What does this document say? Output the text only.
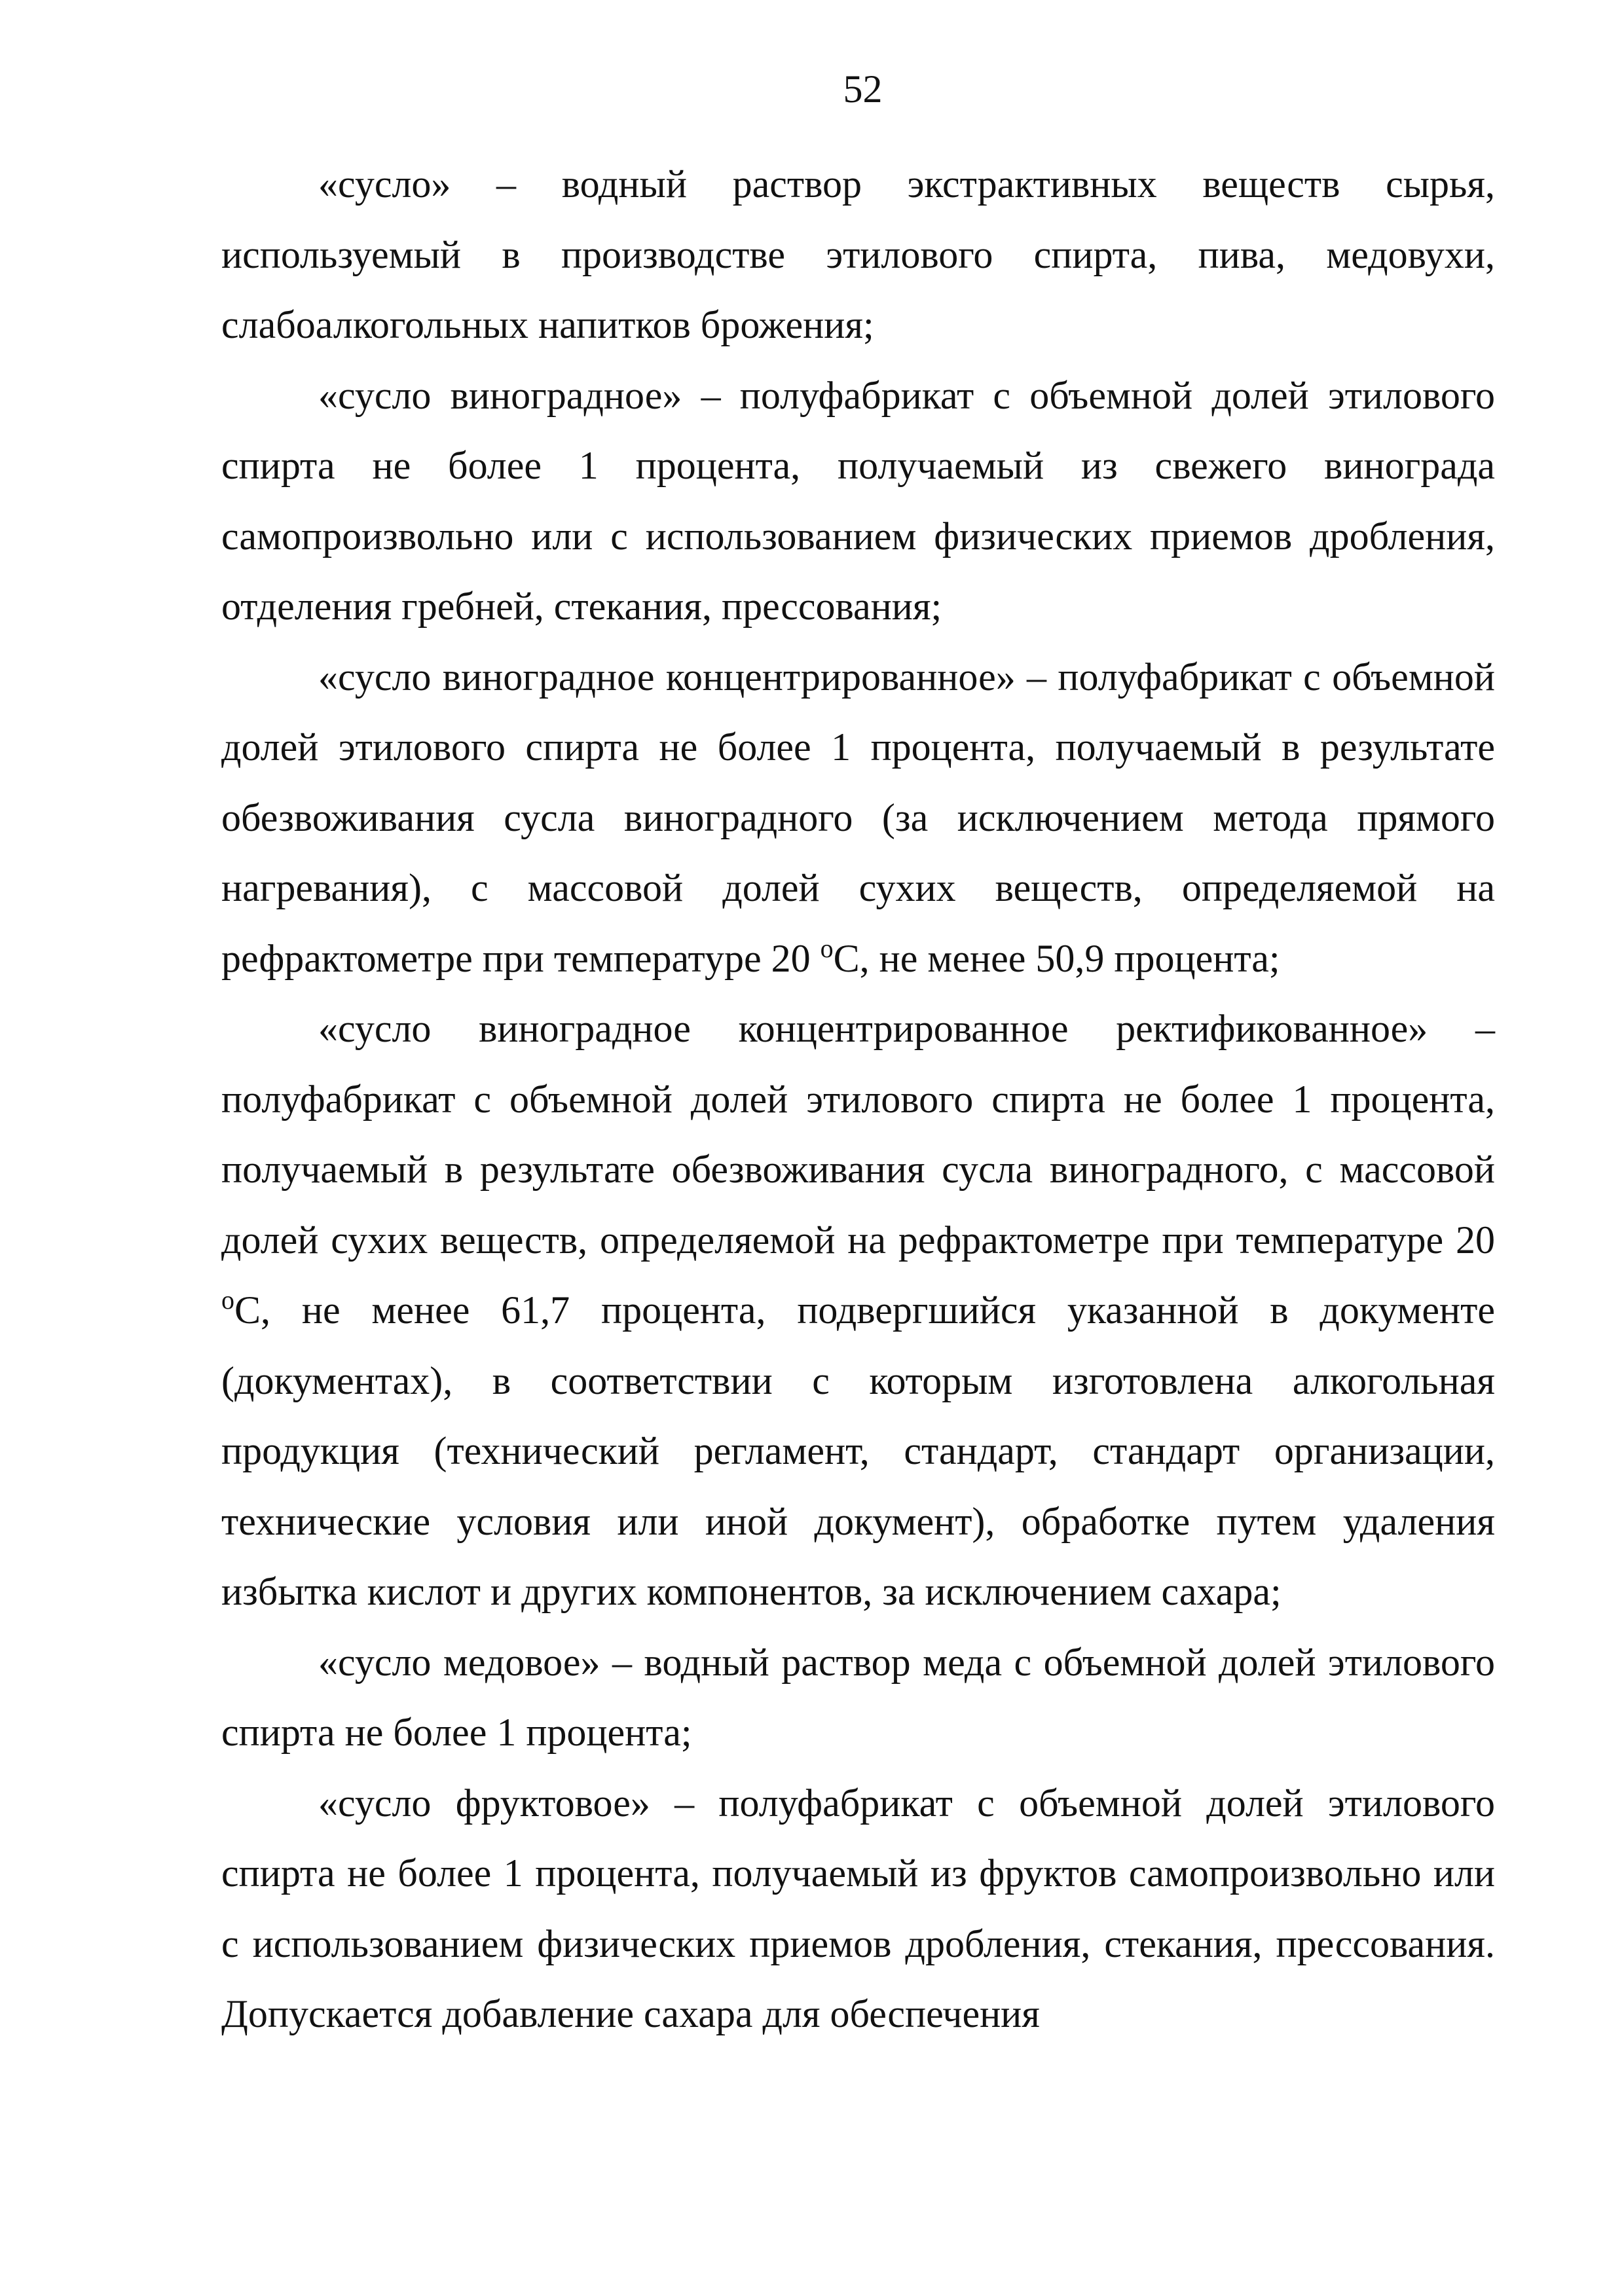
52

«сусло» – водный раствор экстрактивных веществ сырья, используемый в производстве этилового спирта, пива, медовухи, слабоалкогольных напитков брожения;

«сусло виноградное» – полуфабрикат с объемной долей этилового спирта не более 1 процента, получаемый из свежего винограда самопроизвольно или с использованием физических приемов дробления, отделения гребней, стекания, прессования;

«сусло виноградное концентрированное» – полуфабрикат с объемной долей этилового спирта не более 1 процента, получаемый в результате обезвоживания сусла виноградного (за исключением метода прямого нагревания), с массовой долей сухих веществ, определяемой на рефрактометре при температуре 20 $^о$С, не менее 50,9 процента;

«сусло виноградное концентрированное ректификованное» – полуфабрикат с объемной долей этилового спирта не более 1 процента, получаемый в результате обезвоживания сусла виноградного, с массовой долей сухих веществ, определяемой на рефрактометре при температуре 20 $^о$С, не менее 61,7 процента, подвергшийся указанной в документе (документах), в соответствии с которым изготовлена алкогольная продукция (технический регламент, стандарт, стандарт организации, технические условия или иной документ), обработке путем удаления избытка кислот и других компонентов, за исключением сахара;

«сусло медовое» – водный раствор меда с объемной долей этилового спирта не более 1 процента;

«сусло фруктовое» – полуфабрикат с объемной долей этилового спирта не более 1 процента, получаемый из фруктов самопроизвольно или с использованием физических приемов дробления, стекания, прессования. Допускается добавление сахара для обеспечения
